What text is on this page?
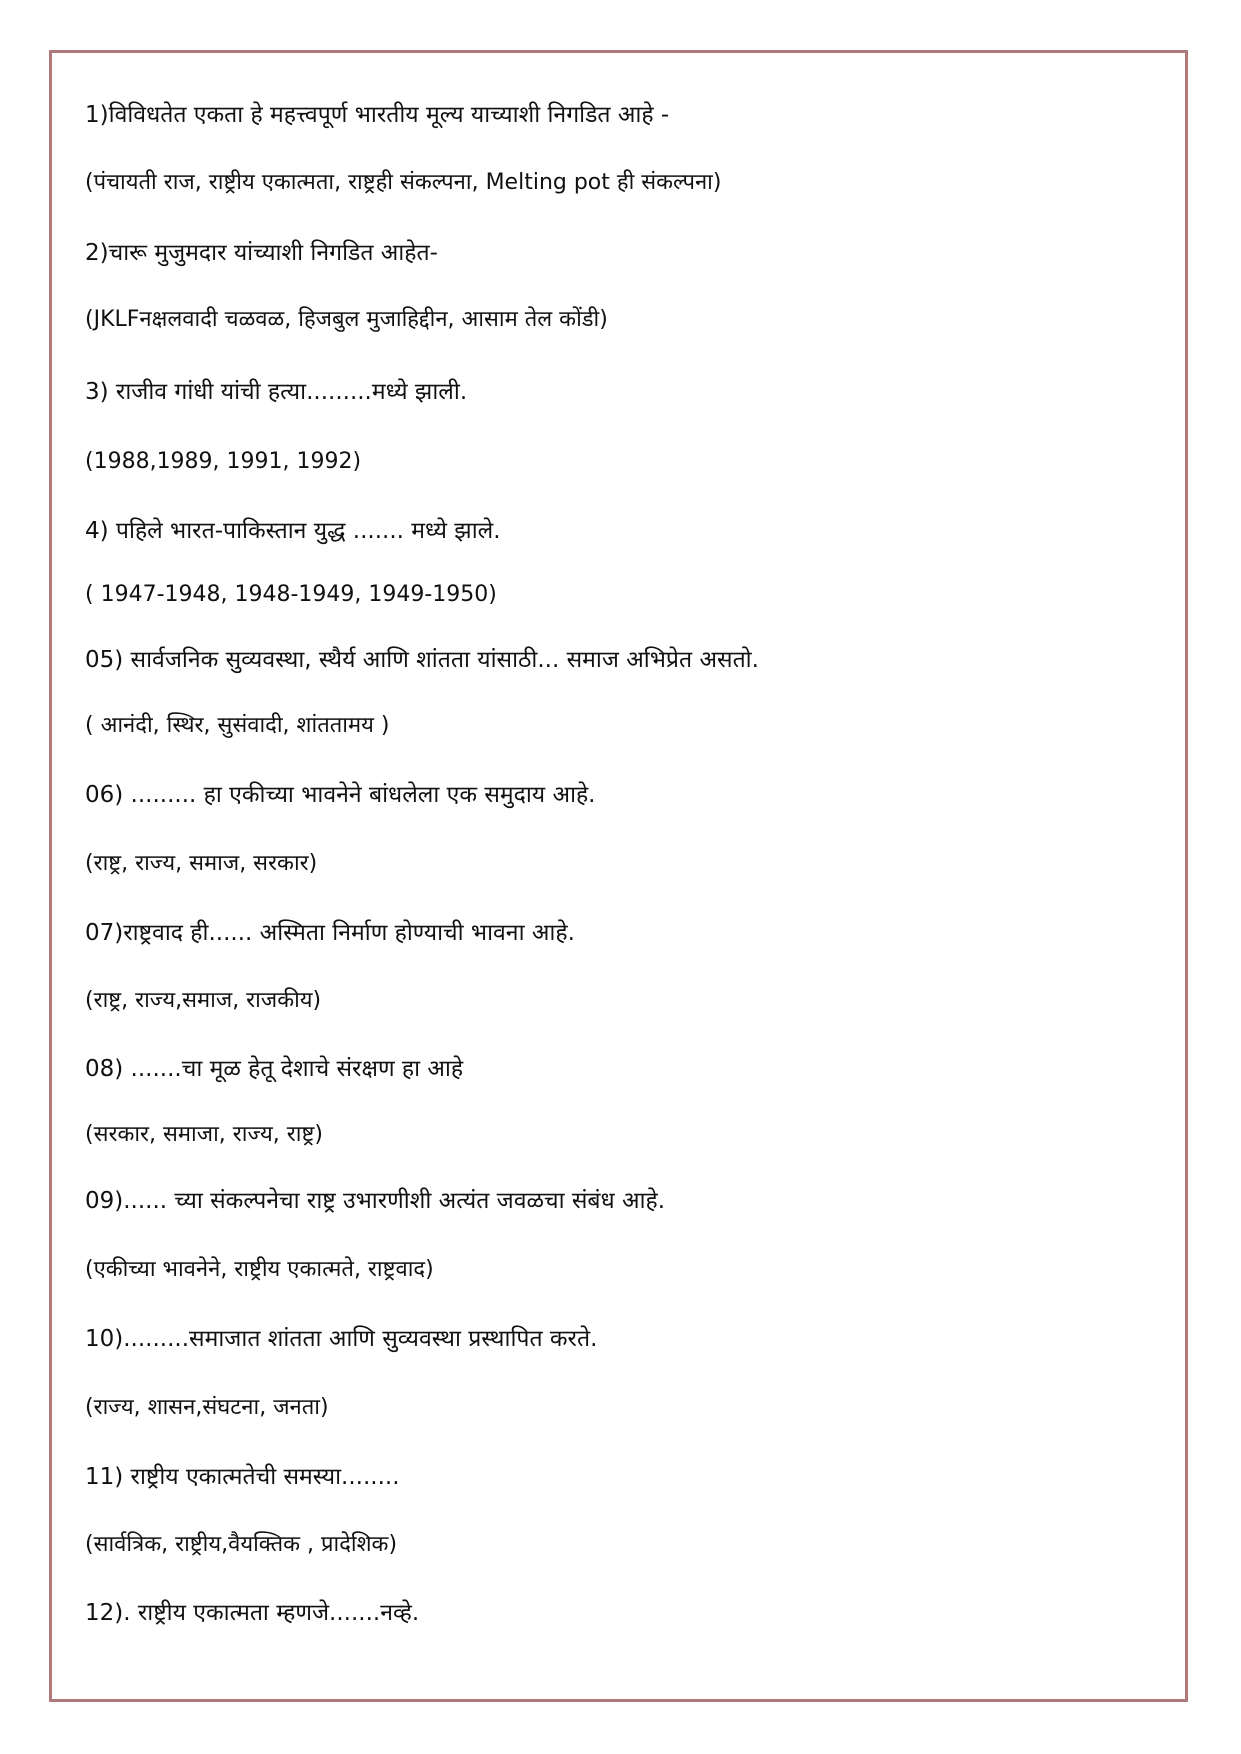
1)विविधतेत एकता हे महत्त्वपूर्ण भारतीय मूल्य याच्याशी निगडित आहे -
(पंचायती राज, राष्ट्रीय एकात्मता, राष्ट्रही संकल्पना, Melting pot ही संकल्पना)
2)चारू मुजुमदार यांच्याशी निगडित आहेत-
(JKLFनक्षलवादी चळवळ, हिजबुल मुजाहिद्दीन, आसाम तेल कोंडी)
3) राजीव गांधी यांची हत्या.........मध्ये झाली.
(1988,1989, 1991, 1992)
4) पहिले भारत-पाकिस्तान युद्ध ....... मध्ये झाले.
( 1947-1948, 1948-1949, 1949-1950)
05) सार्वजनिक सुव्यवस्था, स्थैर्य आणि शांतता यांसाठी... समाज अभिप्रेत असतो.
( आनंदी, स्थिर, सुसंवादी, शांततामय )
06) ......... हा एकीच्या भावनेने बांधलेला एक समुदाय आहे.
(राष्ट्र, राज्य, समाज, सरकार)
07)राष्ट्रवाद ही...... अस्मिता निर्माण होण्याची भावना आहे.
(राष्ट्र, राज्य,समाज, राजकीय)
08) .......चा मूळ हेतू देशाचे संरक्षण हा आहे
(सरकार, समाजा, राज्य, राष्ट्र)
09)...... च्या संकल्पनेचा राष्ट्र उभारणीशी अत्यंत जवळचा संबंध आहे.
(एकीच्या भावनेने, राष्ट्रीय एकात्मते, राष्ट्रवाद)
10).........समाजात शांतता आणि सुव्यवस्था प्रस्थापित करते.
(राज्य, शासन,संघटना, जनता)
11) राष्ट्रीय एकात्मतेची समस्या........
(सार्वत्रिक, राष्ट्रीय,वैयक्तिक , प्रादेशिक)
12). राष्ट्रीय एकात्मता म्हणजे.......नव्हे.
